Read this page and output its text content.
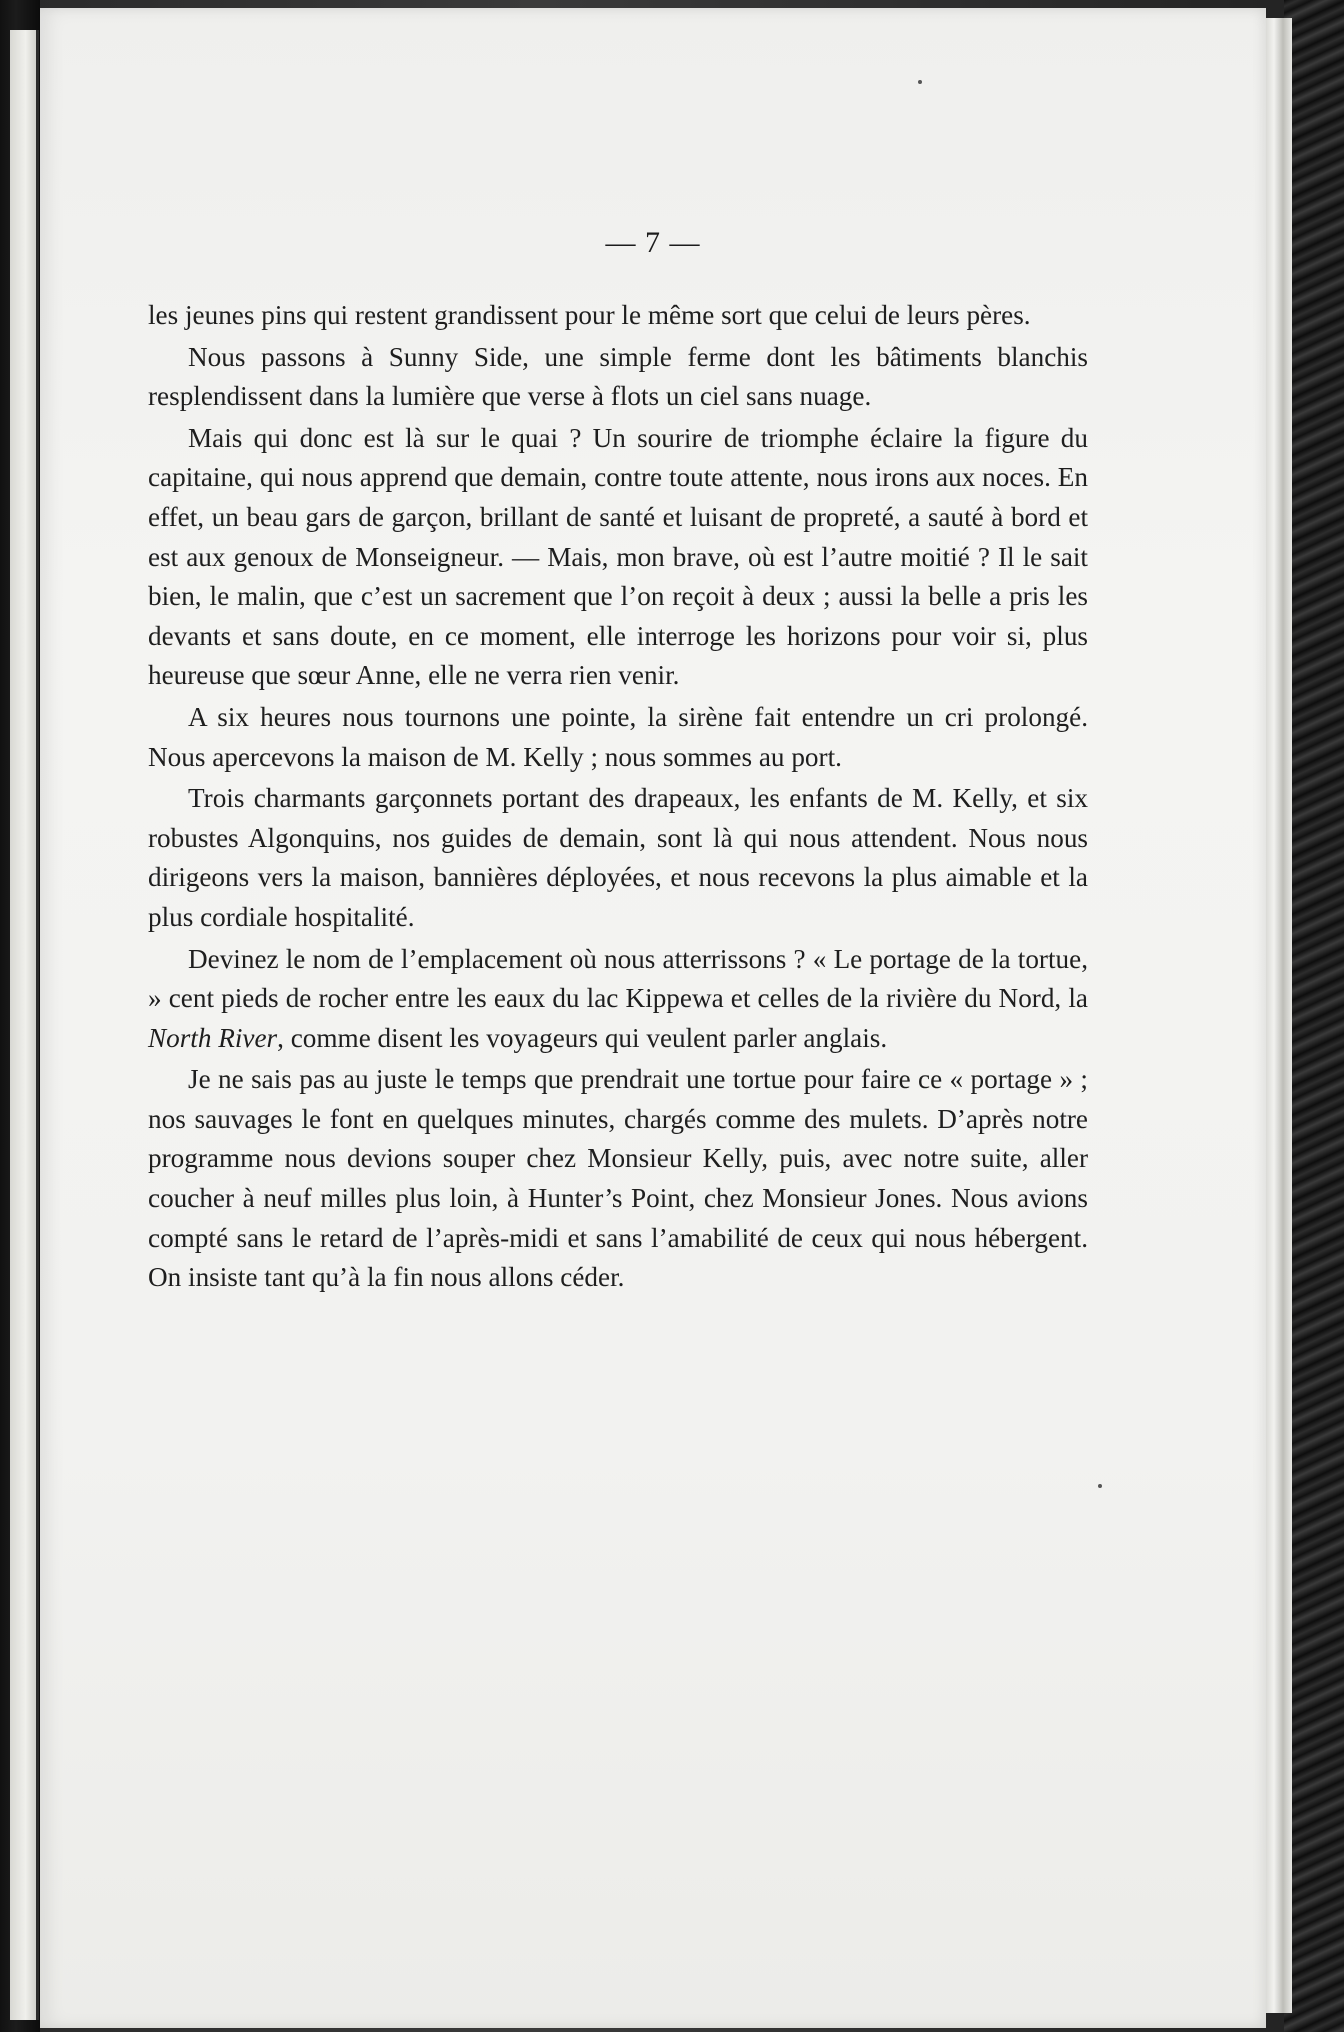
— 7 —

les jeunes pins qui restent grandissent pour le même sort que celui de leurs pères.

Nous passons à Sunny Side, une simple ferme dont les bâtiments blanchis resplendissent dans la lumière que verse à flots un ciel sans nuage.

Mais qui donc est là sur le quai ? Un sourire de triomphe éclaire la figure du capitaine, qui nous apprend que demain, contre toute attente, nous irons aux noces. En effet, un beau gars de garçon, brillant de santé et luisant de propreté, a sauté à bord et est aux genoux de Monseigneur. — Mais, mon brave, où est l’autre moitié ? Il le sait bien, le malin, que c’est un sacrement que l’on reçoit à deux ; aussi la belle a pris les devants et sans doute, en ce moment, elle interroge les horizons pour voir si, plus heureuse que sœur Anne, elle ne verra rien venir.

A six heures nous tournons une pointe, la sirène fait entendre un cri prolongé. Nous apercevons la maison de M. Kelly ; nous sommes au port.

Trois charmants garçonnets portant des drapeaux, les enfants de M. Kelly, et six robustes Algonquins, nos guides de demain, sont là qui nous attendent. Nous nous dirigeons vers la maison, bannières déployées, et nous recevons la plus aimable et la plus cordiale hospitalité.

Devinez le nom de l’emplacement où nous atterrissons ? « Le portage de la tortue, » cent pieds de rocher entre les eaux du lac Kippewa et celles de la rivière du Nord, la North River, comme disent les voyageurs qui veulent parler anglais.

Je ne sais pas au juste le temps que prendrait une tortue pour faire ce « portage » ; nos sauvages le font en quelques minutes, chargés comme des mulets. D’après notre programme nous devions souper chez Monsieur Kelly, puis, avec notre suite, aller coucher à neuf milles plus loin, à Hunter’s Point, chez Monsieur Jones. Nous avions compté sans le retard de l’après-midi et sans l’amabilité de ceux qui nous hébergent. On insiste tant qu’à la fin nous allons céder.
